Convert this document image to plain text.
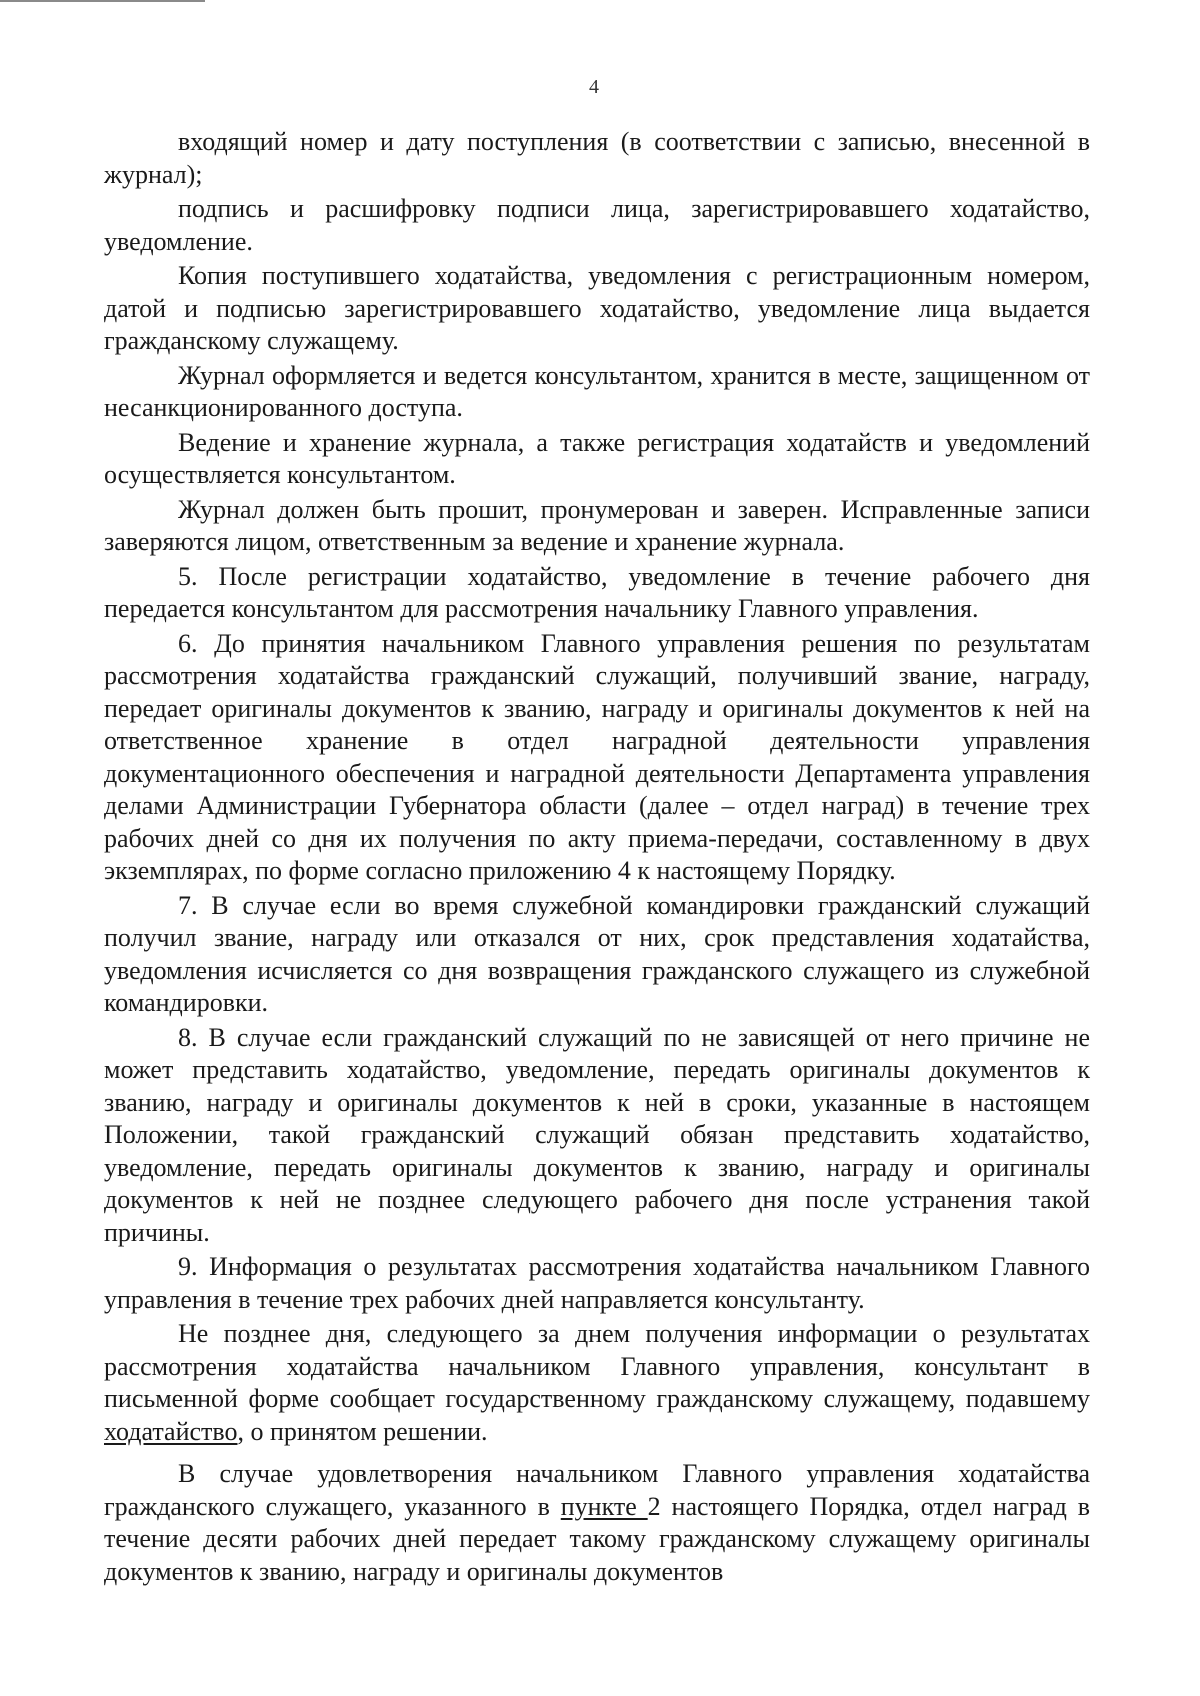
4

входящий номер и дату поступления (в соответствии с записью, внесенной в журнал);

подпись и расшифровку подписи лица, зарегистрировавшего ходатайство, уведомление.

Копия поступившего ходатайства, уведомления с регистрационным номером, датой и подписью зарегистрировавшего ходатайство, уведомление лица выдается гражданскому служащему.

Журнал оформляется и ведется консультантом, хранится в месте, защищенном от несанкционированного доступа.

Ведение и хранение журнала, а также регистрация ходатайств и уведомлений осуществляется консультантом.

Журнал должен быть прошит, пронумерован и заверен. Исправленные записи заверяются лицом, ответственным за ведение и хранение журнала.

5. После регистрации ходатайство, уведомление в течение рабочего дня передается консультантом для рассмотрения начальнику Главного управления.

6. До принятия начальником Главного управления решения по результатам рассмотрения ходатайства гражданский служащий, получивший звание, награду, передает оригиналы документов к званию, награду и оригиналы документов к ней на ответственное хранение в отдел наградной деятельности управления документационного обеспечения и наградной деятельности Департамента управления делами Администрации Губернатора области (далее – отдел наград) в течение трех рабочих дней со дня их получения по акту приема-передачи, составленному в двух экземплярах, по форме согласно приложению 4 к настоящему Порядку.

7. В случае если во время служебной командировки гражданский служащий получил звание, награду или отказался от них, срок представления ходатайства, уведомления исчисляется со дня возвращения гражданского служащего из служебной командировки.

8. В случае если гражданский служащий по не зависящей от него причине не может представить ходатайство, уведомление, передать оригиналы документов к званию, награду и оригиналы документов к ней в сроки, указанные в настоящем Положении, такой гражданский служащий обязан представить ходатайство, уведомление, передать оригиналы документов к званию, награду и оригиналы документов к ней не позднее следующего рабочего дня после устранения такой причины.

9. Информация о результатах рассмотрения ходатайства начальником Главного управления в течение трех рабочих дней направляется консультанту.

Не позднее дня, следующего за днем получения информации о результатах рассмотрения ходатайства начальником Главного управления, консультант в письменной форме сообщает государственному гражданскому служащему, подавшему ходатайство, о принятом решении.

В случае удовлетворения начальником Главного управления ходатайства гражданского служащего, указанного в пункте 2 настоящего Порядка, отдел наград в течение десяти рабочих дней передает такому гражданскому служащему оригиналы документов к званию, награду и оригиналы документов
